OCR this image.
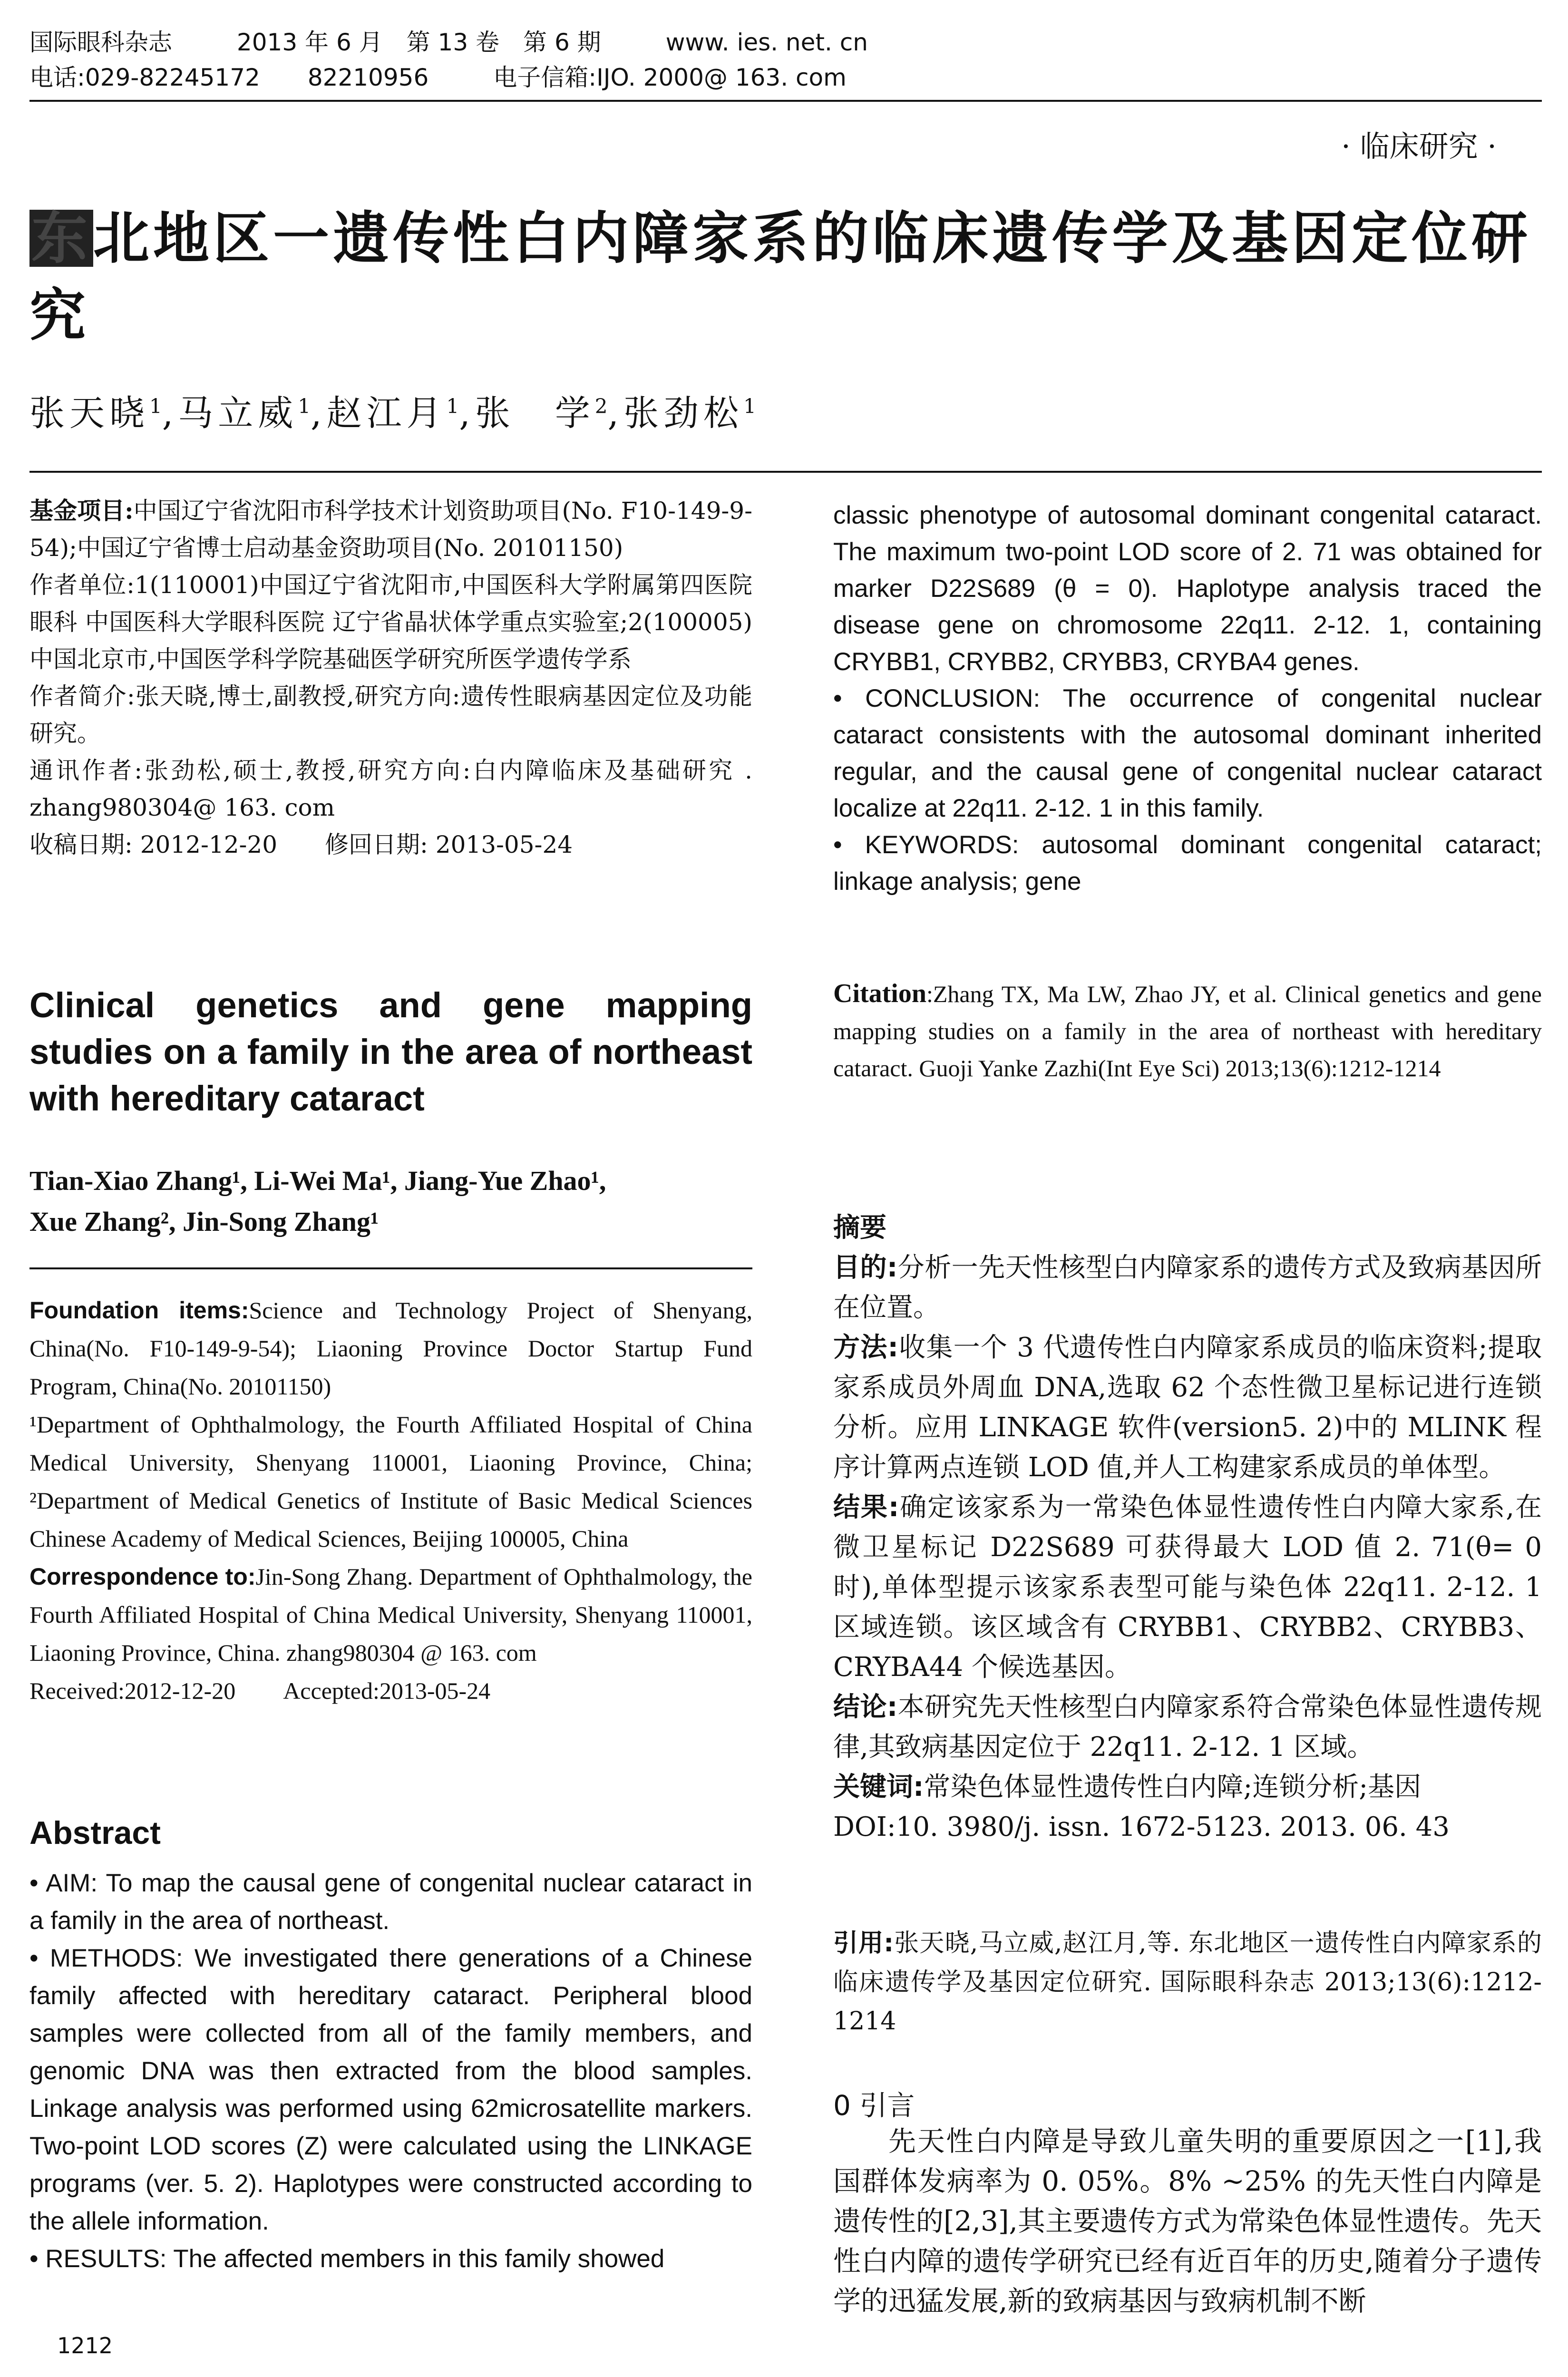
国际眼科杂志	2013 年 6 月　第 13 卷　第 6 期	www. ies. net. cn
电话:029-82245172　　82210956	电子信箱:IJO. 2000@ 163. com
· 临床研究 ·
东北地区一遗传性白内障家系的临床遗传学及基因定位研究
张天晓$^1$,马立威$^1$,赵江月$^1$,张　学$^2$,张劲松$^1$

基金项目:中国辽宁省沈阳市科学技术计划资助项目(No. F10-149-9-54);中国辽宁省博士启动基金资助项目(No. 20101150)

作者单位:1(110001)中国辽宁省沈阳市,中国医科大学附属第四医院眼科 中国医科大学眼科医院 辽宁省晶状体学重点实验室;2(100005)中国北京市,中国医学科学院基础医学研究所医学遗传学系

作者简介:张天晓,博士,副教授,研究方向:遗传性眼病基因定位及功能研究。

通讯作者:张劲松,硕士,教授,研究方向:白内障临床及基础研究 . zhang980304@ 163. com

收稿日期: 2012-12-20　　修回日期: 2013-05-24

Clinical genetics and gene mapping studies on a family in the area of northeast with hereditary cataract
Tian-Xiao Zhang¹, Li-Wei Ma¹, Jiang-Yue Zhao¹,
Xue Zhang², Jin-Song Zhang¹

Foundation items:Science and Technology Project of Shenyang, China(No. F10-149-9-54); Liaoning Province Doctor Startup Fund Program, China(No. 20101150)

¹Department of Ophthalmology, the Fourth Affiliated Hospital of China Medical University, Shenyang 110001, Liaoning Province, China; ²Department of Medical Genetics of Institute of Basic Medical Sciences Chinese Academy of Medical Sciences, Beijing 100005, China

Correspondence to:Jin-Song Zhang. Department of Ophthalmology, the Fourth Affiliated Hospital of China Medical University, Shenyang 110001, Liaoning Province, China. zhang980304 @ 163. com

Received:2012-12-20　　Accepted:2013-05-24

Abstract

• AIM: To map the causal gene of congenital nuclear cataract in a family in the area of northeast.

• METHODS: We investigated there generations of a Chinese family affected with hereditary cataract. Peripheral blood samples were collected from all of the family members, and genomic DNA was then extracted from the blood samples. Linkage analysis was performed using 62microsatellite markers. Two-point LOD scores (Z) were calculated using the LINKAGE programs (ver. 5. 2). Haplotypes were constructed according to the allele information.

• RESULTS: The affected members in this family showed

classic phenotype of autosomal dominant congenital cataract. The maximum two-point LOD score of 2. 71 was obtained for marker D22S689 (θ = 0). Haplotype analysis traced the disease gene on chromosome 22q11. 2-12. 1, containing CRYBB1, CRYBB2, CRYBB3, CRYBA4 genes.

• CONCLUSION: The occurrence of congenital nuclear cataract consistents with the autosomal dominant inherited regular, and the causal gene of congenital nuclear cataract localize at 22q11. 2-12. 1 in this family.

• KEYWORDS: autosomal dominant congenital cataract; linkage analysis; gene

Citation:Zhang TX, Ma LW, Zhao JY, et al. Clinical genetics and gene mapping studies on a family in the area of northeast with hereditary cataract. Guoji Yanke Zazhi(Int Eye Sci) 2013;13(6):1212-1214

摘要

目的:分析一先天性核型白内障家系的遗传方式及致病基因所在位置。

方法:收集一个 3 代遗传性白内障家系成员的临床资料;提取家系成员外周血 DNA,选取 62 个态性微卫星标记进行连锁分析。应用 LINKAGE 软件(version5. 2)中的 MLINK 程序计算两点连锁 LOD 值,并人工构建家系成员的单体型。

结果:确定该家系为一常染色体显性遗传性白内障大家系,在微卫星标记 D22S689 可获得最大 LOD 值 2. 71(θ= 0 时),单体型提示该家系表型可能与染色体 22q11. 2-12. 1 区域连锁。该区域含有 CRYBB1、CRYBB2、CRYBB3、CRYBA44 个候选基因。

结论:本研究先天性核型白内障家系符合常染色体显性遗传规律,其致病基因定位于 22q11. 2-12. 1 区域。

关键词:常染色体显性遗传性白内障;连锁分析;基因

DOI:10. 3980/j. issn. 1672-5123. 2013. 06. 43

引用:张天晓,马立威,赵江月,等. 东北地区一遗传性白内障家系的临床遗传学及基因定位研究. 国际眼科杂志 2013;13(6):1212-1214
0 引言
先天性白内障是导致儿童失明的重要原因之一[1],我国群体发病率为 0. 05%。8% ~25% 的先天性白内障是遗传性的[2,3],其主要遗传方式为常染色体显性遗传。先天性白内障的遗传学研究已经有近百年的历史,随着分子遗传学的迅猛发展,新的致病基因与致病机制不断
1212
